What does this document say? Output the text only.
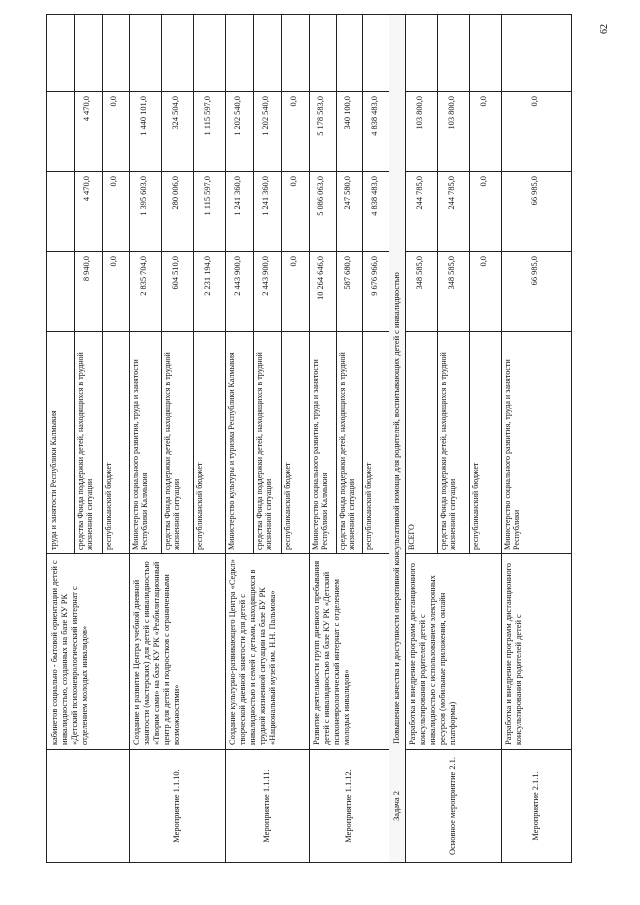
кабинетов социально - бытовой ориентации детей с инвалидностью, созданных на базе КУ РК «Детский психоневрологический интернат с отделением молодых инвалидов»
труда и занятости Республики Калмыкия	средства Фонда поддержки детей, находящихся в трудной жизненной ситуации
8 940,0
4 470,0
4 470,0
республиканский бюджет
0,0
0,0
0,0
Мероприятие 1.1.10.
Создание и развитие Центра учебной дневной занятости (мастерских) для детей с инвалидностью «Творим сами» на базе КУ РК «Реабилитационный центр для детей и подростков с ограниченными возможностями»
Министерство социального развития, труда и занятости Республики Калмыкия
2 835 704,0
1 395 603,0
1 440 101,0
средства Фонда поддержки детей, находящихся в трудной жизненной ситуации
604 510,0
280 006,0
324 504,0
республиканский бюджет
2 231 194,0
1 115 597,0
1 115 597,0
Мероприятие 1.1.11.
Создание культурно-развивающего Центра «Седкл» творческой дневной занятости для детей с инвалидностью и семей с детьми, находящихся в трудной жизненной ситуации на базе БУ РК «Национальный музей им. Н.Н. Пальмова»
Министерство культуры и туризма Республики Калмыкия
2 443 900,0
1 241 360,0
1 202 540,0
средства Фонда поддержки детей, находящихся в трудной жизненной ситуации
2 443 900,0
1 241 360,0
1 202 540,0
республиканский бюджет
0,0
0,0
0,0
Мероприятие 1.1.12.
Развитие деятельности групп дневного пребывания детей с инвалидностью на базе КУ РК «Детский психоневрологический интернат с отделением молодых инвалидов»
Министерство социального развития, труда и занятости Республики Калмыкия
10 264 646,0
5 086 063,0
5 178 583,0
средства Фонда поддержки детей, находящихся в трудной жизненной ситуации
587 680,0
247 580,0
340 100,0
республиканский бюджет
9 676 966,0
4 838 483,0
4 838 483,0
Задача 2
Повышение качества и доступности оперативной консультативной помощи для родителей, воспитывающих детей с инвалидностью
Основное мероприятие 2.1.
Разработка и внедрение программ дистанционного консультирования родителей детей с инвалидностью с использованием электронных ресурсов (мобильные приложения, онлайн платформы)
ВСЕГО
348 585,0
244 785,0
103 800,0
средства Фонда поддержки детей, находящихся в трудной жизненной ситуации
348 585,0
244 785,0
103 800,0
республиканский бюджет
0,0
0,0
0,0
Мероприятие 2.1.1.
Разработка и внедрение программ дистанционного консультирования родителей детей с
Министерство социального развития, труда и занятости Республики
66 985,0
66 985,0
0,0
62
